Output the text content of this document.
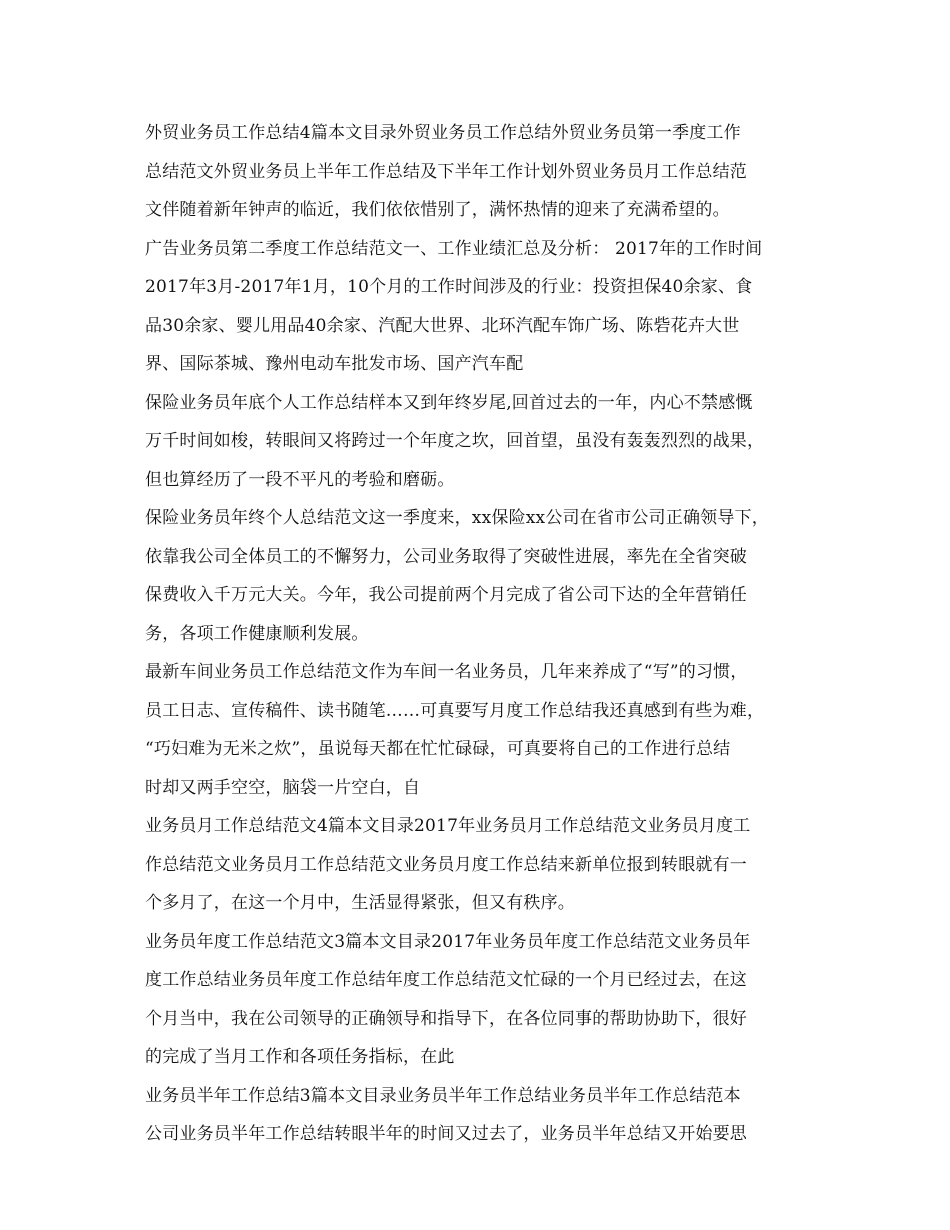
外贸业务员工作总结4篇本文目录外贸业务员工作总结外贸业务员第一季度工作
总结范文外贸业务员上半年工作总结及下半年工作计划外贸业务员月工作总结范
文伴随着新年钟声的临近，我们依依惜别了，满怀热情的迎来了充满希望的。
广告业务员第二季度工作总结范文一、工作业绩汇总及分析： 2017年的工作时间
2017年3月-2017年1月，10个月的工作时间涉及的行业：投资担保40余家、食
品30余家、婴儿用品40余家、汽配大世界、北环汽配车饰广场、陈砦花卉大世
界、国际茶城、豫州电动车批发市场、国产汽车配
保险业务员年底个人工作总结样本又到年终岁尾,回首过去的一年，内心不禁感慨
万千时间如梭，转眼间又将跨过一个年度之坎，回首望，虽没有轰轰烈烈的战果，
但也算经历了一段不平凡的考验和磨砺。
保险业务员年终个人总结范文这一季度来，xx保险xx公司在省市公司正确领导下，
依靠我公司全体员工的不懈努力，公司业务取得了突破性进展，率先在全省突破
保费收入千万元大关。今年，我公司提前两个月完成了省公司下达的全年营销任
务，各项工作健康顺利发展。
最新车间业务员工作总结范文作为车间一名业务员，几年来养成了“写”的习惯，
员工日志、宣传稿件、读书随笔……可真要写月度工作总结我还真感到有些为难，
“巧妇难为无米之炊”，虽说每天都在忙忙碌碌，可真要将自己的工作进行总结
时却又两手空空，脑袋一片空白，自
业务员月工作总结范文4篇本文目录2017年业务员月工作总结范文业务员月度工
作总结范文业务员月工作总结范文业务员月度工作总结来新单位报到转眼就有一
个多月了，在这一个月中，生活显得紧张，但又有秩序。
业务员年度工作总结范文3篇本文目录2017年业务员年度工作总结范文业务员年
度工作总结业务员年度工作总结年度工作总结范文忙碌的一个月已经过去，在这
个月当中，我在公司领导的正确领导和指导下，在各位同事的帮助协助下，很好
的完成了当月工作和各项任务指标，在此
业务员半年工作总结3篇本文目录业务员半年工作总结业务员半年工作总结范本
公司业务员半年工作总结转眼半年的时间又过去了，业务员半年总结又开始要思
